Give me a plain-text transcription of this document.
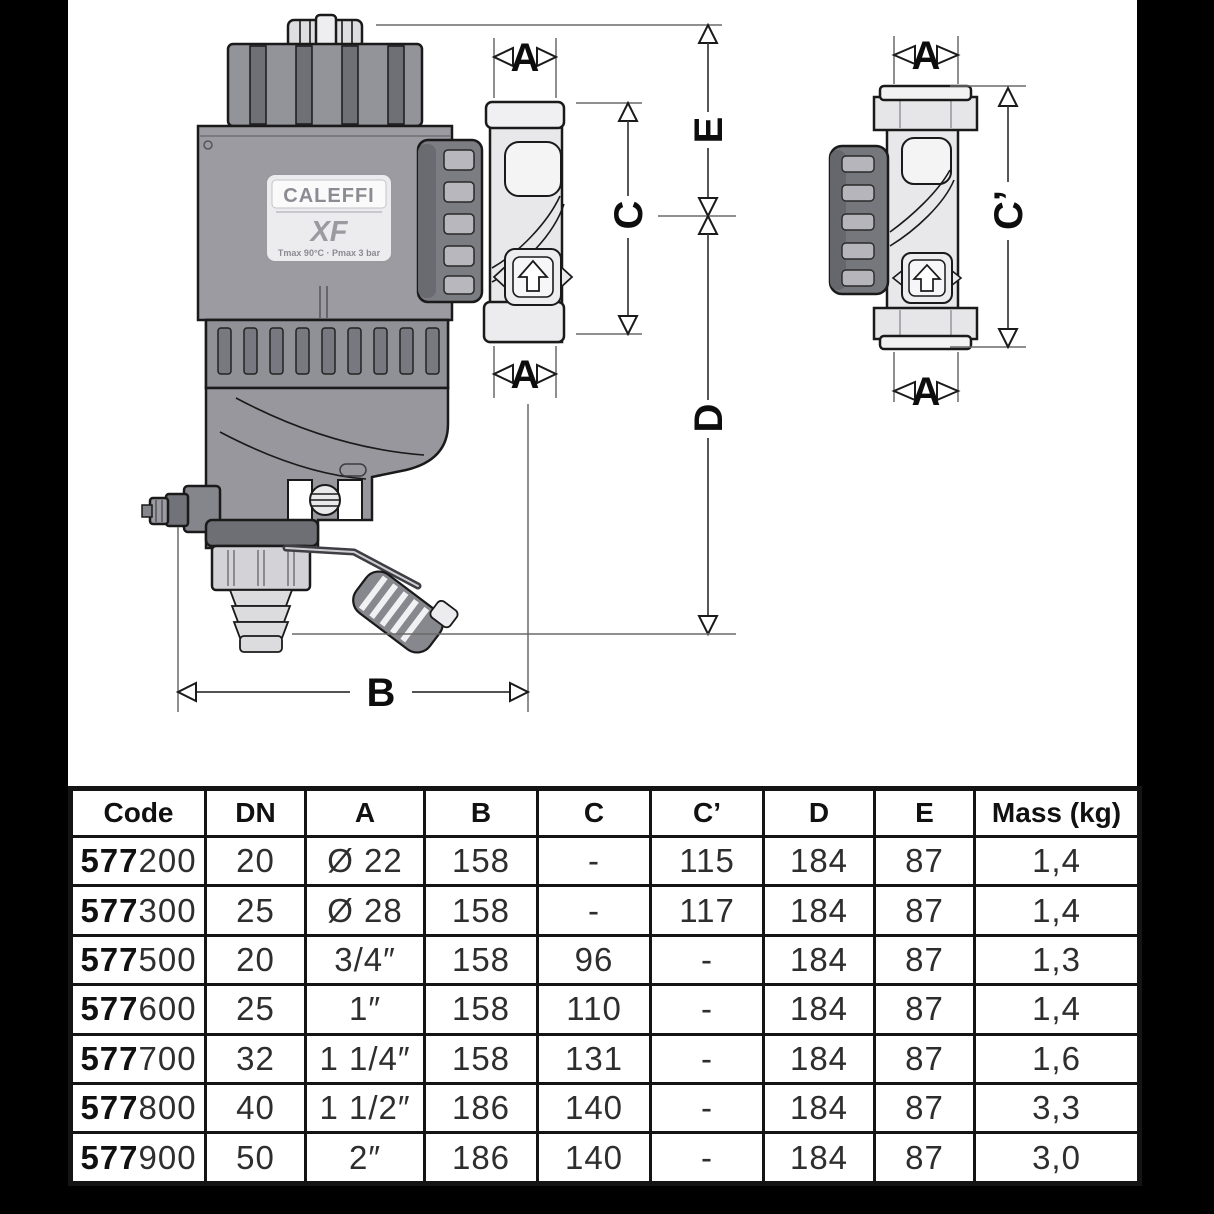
CALEFFI
XF
Tmax 90°C · Pmax 3 bar
A
C
E
D
A
B
A
C’
A
Code	DN	A	B	C	C’	D	E	Mass (kg)
577200	20	Ø 22	158	-	115	184	87	1,4
577300	25	Ø 28	158	-	117	184	87	1,4
577500	20	3/4″	158	96	-	184	87	1,3
577600	25	1″	158	110	-	184	87	1,4
577700	32	1 1/4″	158	131	-	184	87	1,6
577800	40	1 1/2″	186	140	-	184	87	3,3
577900	50	2″	186	140	-	184	87	3,0
